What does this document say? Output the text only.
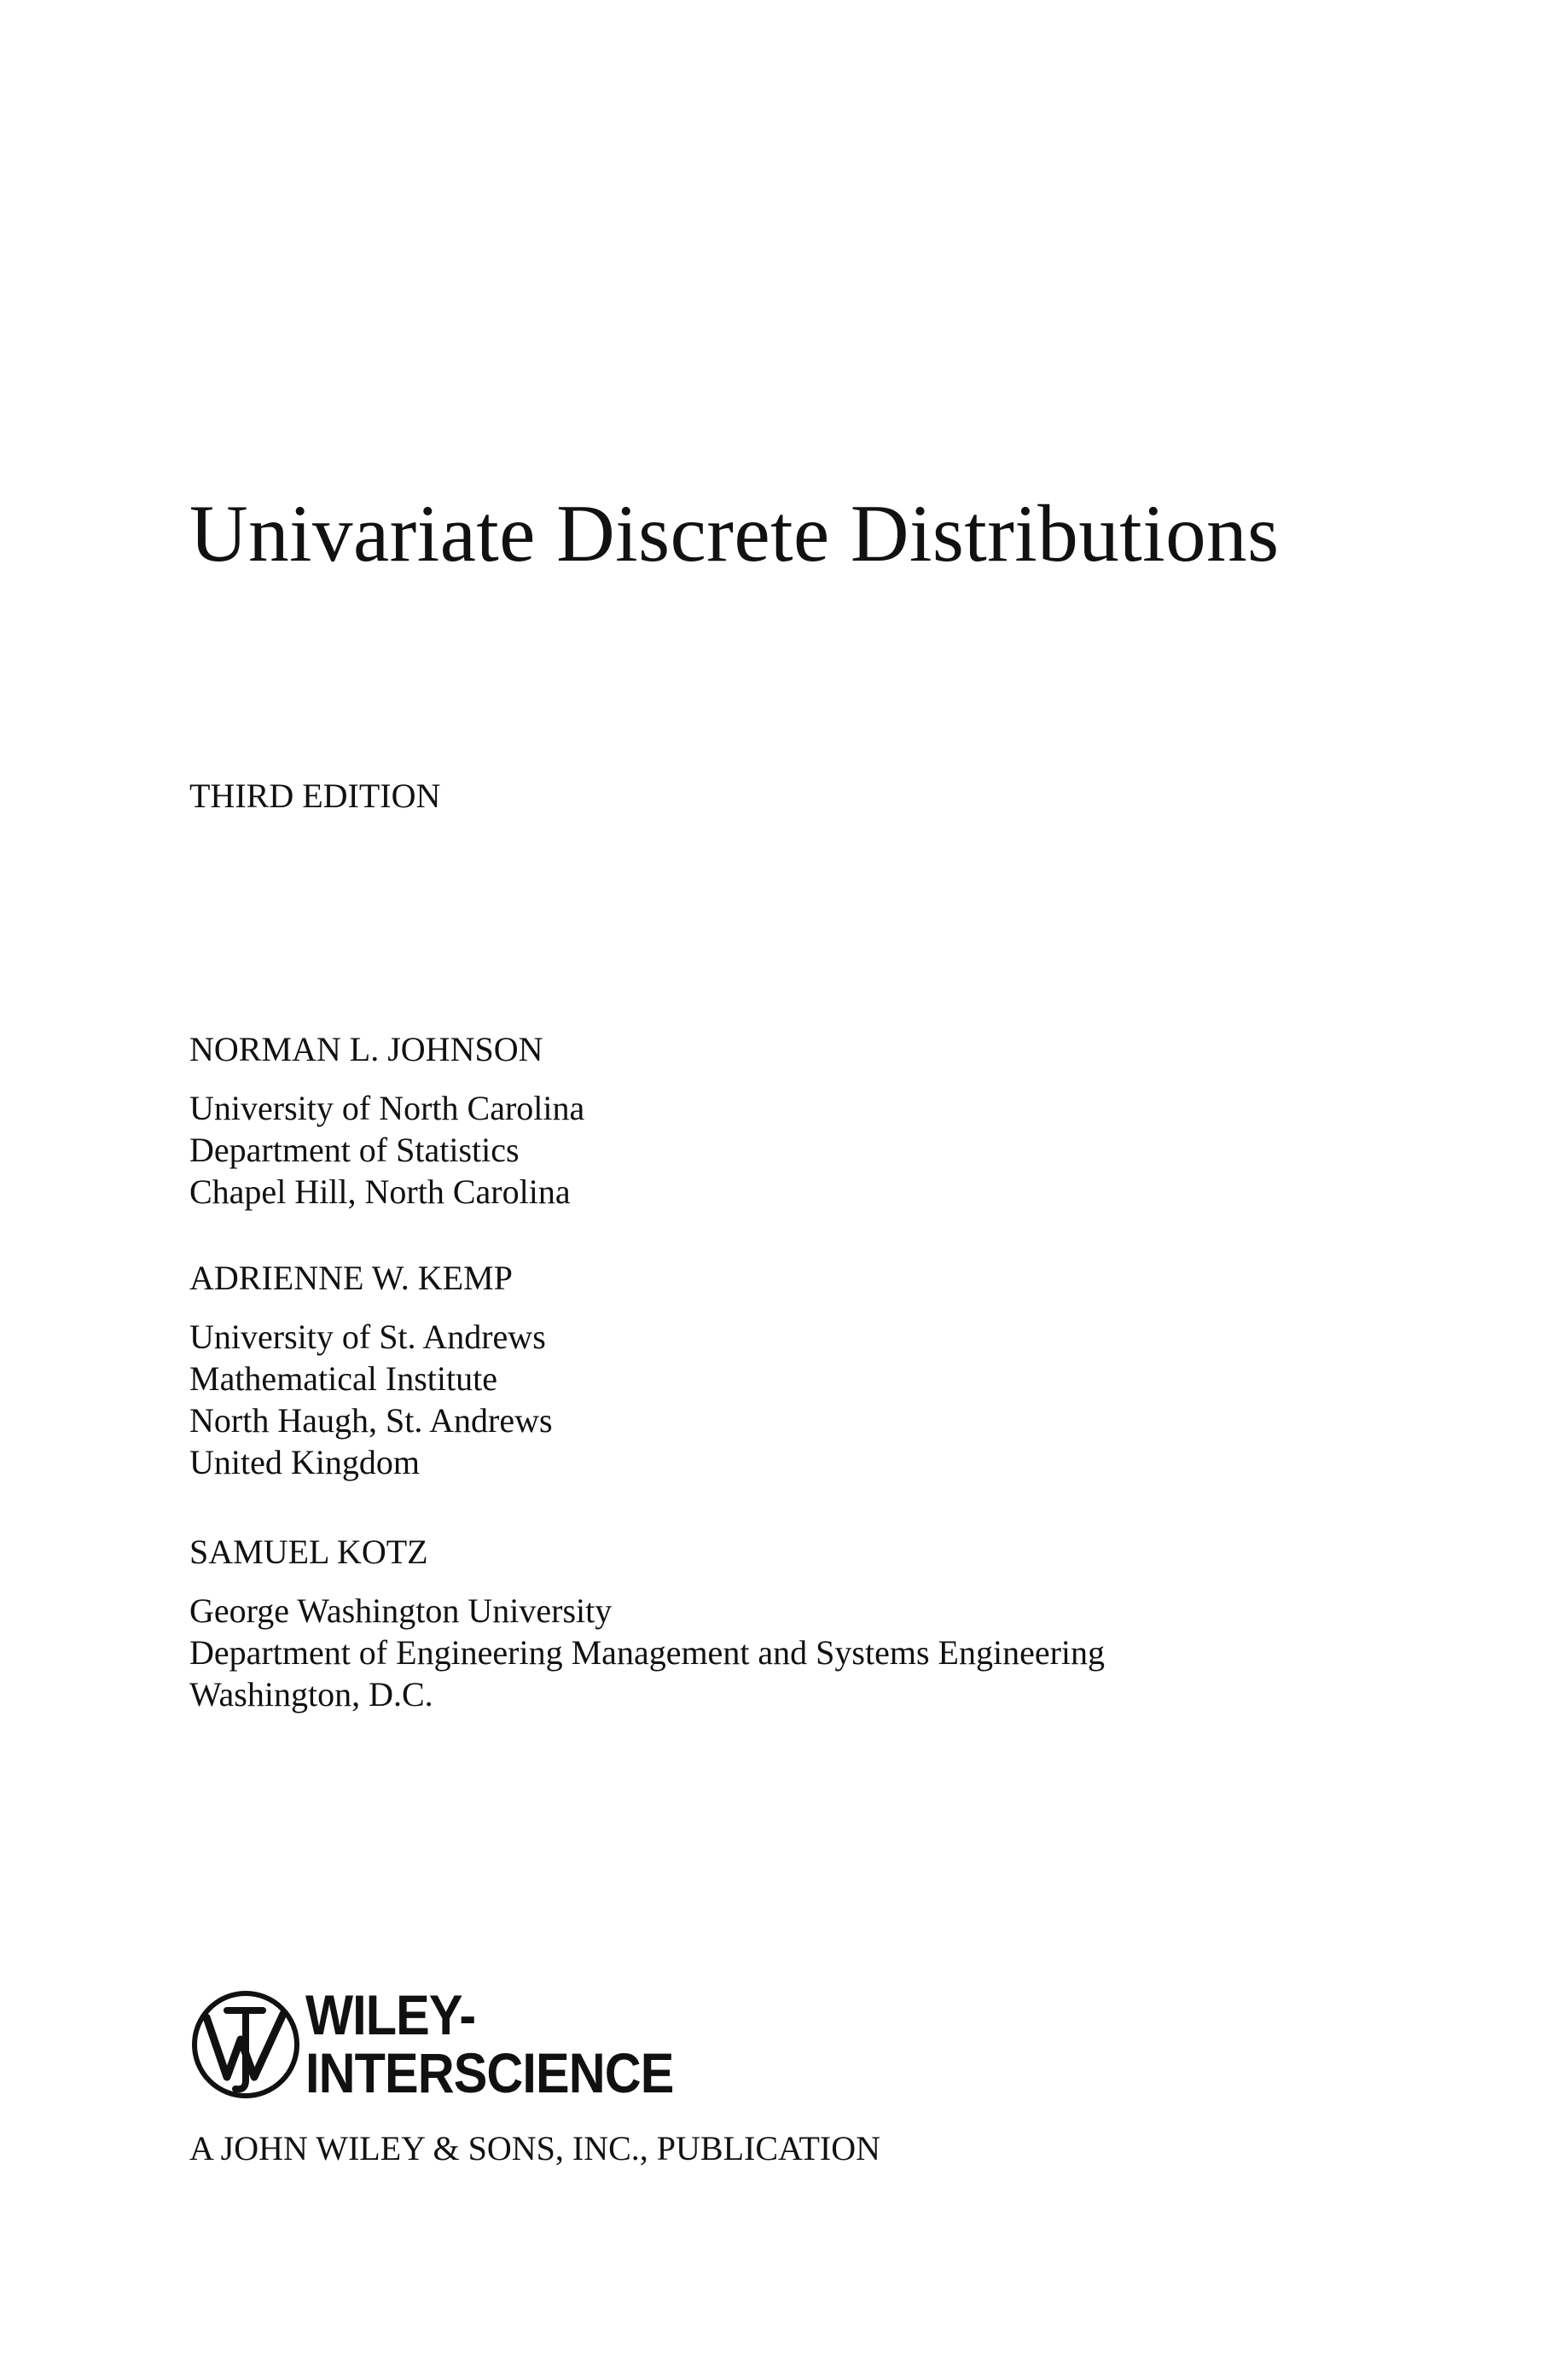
Univariate Discrete Distributions
THIRD EDITION
NORMAN L. JOHNSON
University of North Carolina
Department of Statistics
Chapel Hill, North Carolina
ADRIENNE W. KEMP
University of St. Andrews
Mathematical Institute
North Haugh, St. Andrews
United Kingdom
SAMUEL KOTZ
George Washington University
Department of Engineering Management and Systems Engineering
Washington, D.C.
WILEY-
INTERSCIENCE
A JOHN WILEY & SONS, INC., PUBLICATION
